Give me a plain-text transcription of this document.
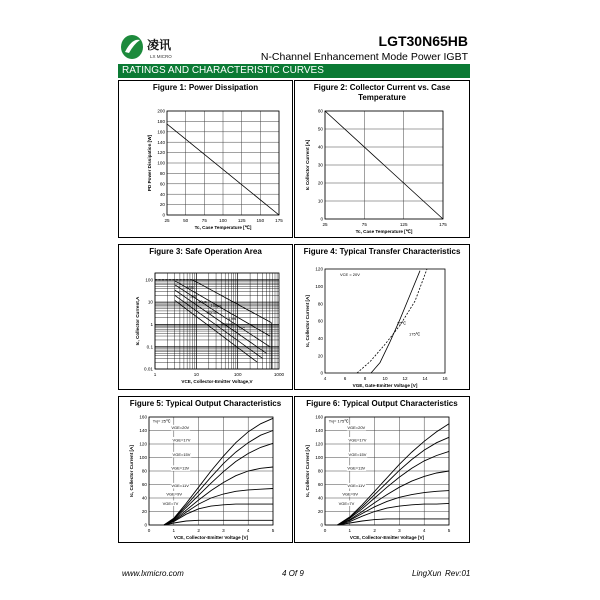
凌讯
LX MICRO
LGT30N65HB
N-Channel Enhancement Mode Power IGBT
RATINGS AND CHARACTERISTIC CURVES
Figure 1: Power Dissipation
25	50	75	100 125 150 175
0
20
40
60
80
100
120
140
160
180
200
Tc, Case Temperature [℃]
PD Power Dissipation [W]
Figure 2: Collector Current vs. Case Temperature
25	75	125	175
0
10
20
30
40
50
60
Tc, Case Temperature [℃]
Ic Collector Current [A]
Figure 3: Safe Operation Area
1	10	100	1000
0.01
0.1
1
10
100
VCE, Collector-Emitter Voltage,V
Ic, Collector Current,A
Vds
1μs
10μs
100μs
1ms
DC
10ms
100ms
Figure 4: Typical Transfer Characteristics
4	6	8	10	12	14	16
0
20
40
60
80
100
120
VGE, Gate-Emitter Voltage [V]
Ic, Collector Current [A]
VCE = 20V
25℃
175℃
Figure 5: Typical Output Characteristics
0	1	2	3	4	5
0
20
40
60
80
100
120
140
160
VCE, Collector-Emitter Voltage [V]
Ic, Collector Current [A]
Tvj= 25℃
VGE=20V
VGE=17V
VGE=15V
VGE=13V
VGE=11V
VGE=9V
VGE=7V
Figure 6: Typical Output Characteristics
0	1	2	3	4	5
0
20
40
60
80
100
120
140
160
VCE, Collector-Emitter Voltage [V]
Ic, Collector Current [A]
Tvj= 175℃
VGE=20V
VGE=17V
VGE=15V
VGE=13V
VGE=11V
VGE=9V
VGE=7V
www.lxmicro.com	4 Of 9	LingXun Rev:01
